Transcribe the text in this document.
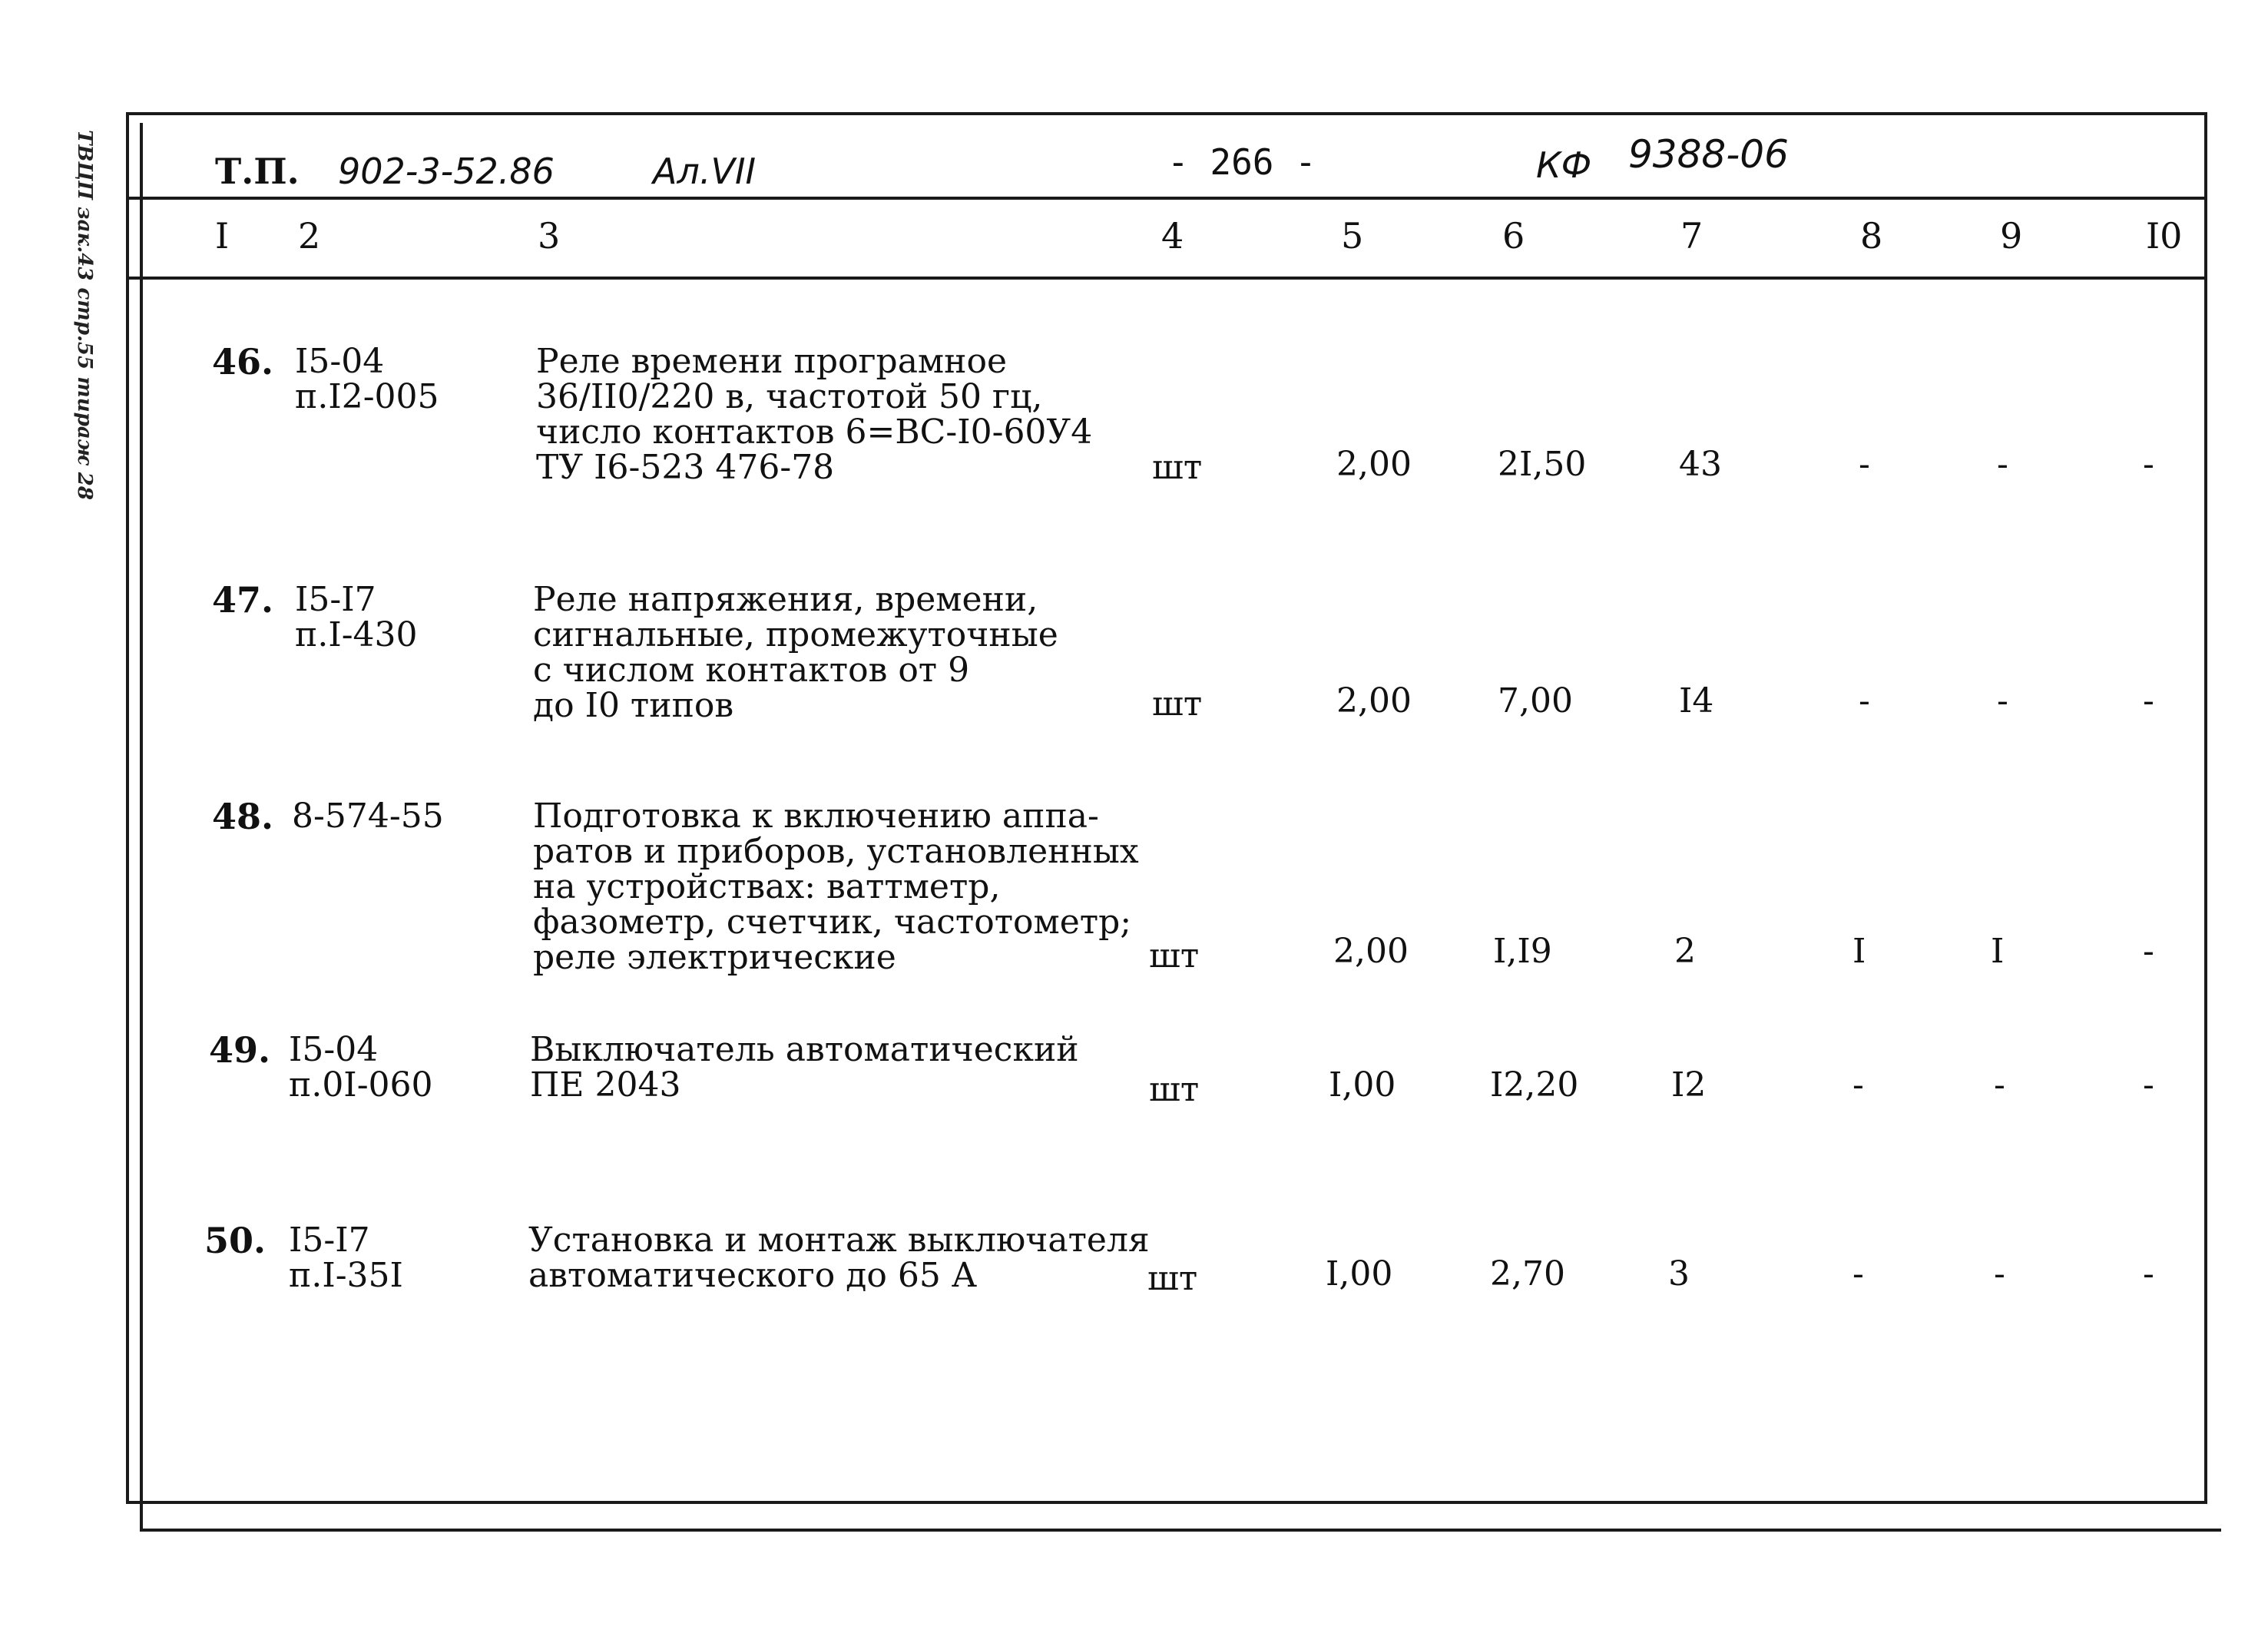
ТВЦП зак.43 стр.55 тираж 28	Т.П. 902-3-52.86	Ал.VII	- 266 -	КФ 9388-06
I 2	3	4	5	6	7	8	9	I0
46. I5-04
п.I2-005
Реле времени програмное
36/II0/220 в, частотой 50 гц,
число контактов 6=ВС-I0-60У4
ТУ I6-523 476-78	шт	2,00	2I,50	43	-	-	-
47. I5-I7
п.I-430
Реле напряжения, времени,
сигнальные, промежуточные
с числом контактов от 9
до I0 типов	шт	2,00	7,00	I4	-	-	-
48. 8-574-55	Подготовка к включению аппа-
ратов и приборов, установленных
на устройствах: ваттметр,
фазометр, счетчик, частотометр;
реле электрические	шт	2,00	I,I9	2	I	I	-
49. I5-04
п.0I-060
Выключатель автоматический
ПЕ 2043	шт	I,00	I2,20	I2	-	-	-
50. I5-I7
п.I-35I
Установка и монтаж выключателя
автоматического до 65 А	шт	I,00	2,70	3	-	-	-
